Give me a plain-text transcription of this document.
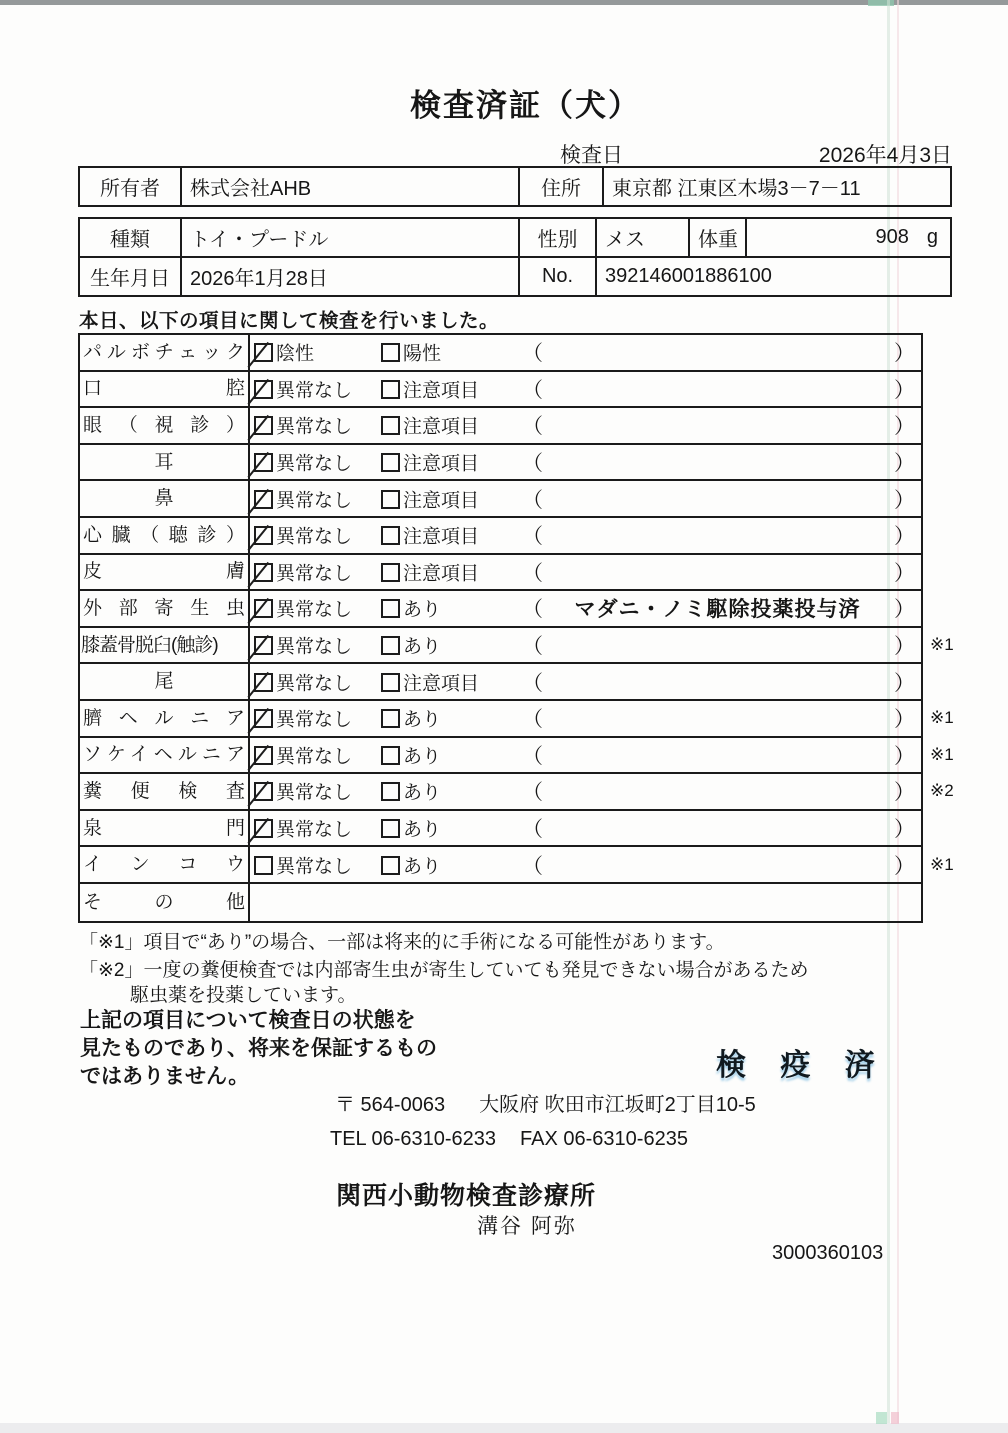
検査済証（犬）
検査日	2026年4月3日
所有者	株式会社AHB	住所	東京都 江東区木場3－7－11
種類	トイ・プードル	性別	メス	体重	908 g

生年月日	2026年1月28日	No.	392146001886100		
本日、以下の項目に関して検査を行いました。
パルボチェック 陰性	陽性	（	）
口腔 異常なし	注意項目 （	）
眼（視診） 異常なし	注意項目 （	）
耳	異常なし	注意項目 （	）
鼻	異常なし	注意項目 （	）
心臓（聴診） 異常なし	注意項目 （	）
皮膚 異常なし	注意項目 （	）
外部寄生虫 異常なし	あり	（	マダニ・ノミ駆除投薬投与済	）
膝蓋骨脱臼(触診)	異常なし	あり	（	） ※1
尾	異常なし	注意項目 （	）
臍ヘルニア 異常なし	あり	（	） ※1
ソケイヘルニア 異常なし	あり	（	） ※1
糞便検査 異常なし	あり	（	） ※2
泉門 異常なし	あり	（	）
インコウ 異常なし	あり	（	） ※1
その他
「※1」項目で“あり”の場合、一部は将来的に手術になる可能性があります。
「※2」一度の糞便検査では内部寄生虫が寄生していても発見できない場合があるため
駆虫薬を投薬しています。
上記の項目について検査日の状態を
見たものであり、将来を保証するもの
ではありません。	検 疫 済
〒 564-0063 大阪府 吹田市江坂町2丁目10-5
TEL 06-6310-6233 FAX 06-6310-6235
関西小動物検査診療所
溝谷 阿弥
3000360103
